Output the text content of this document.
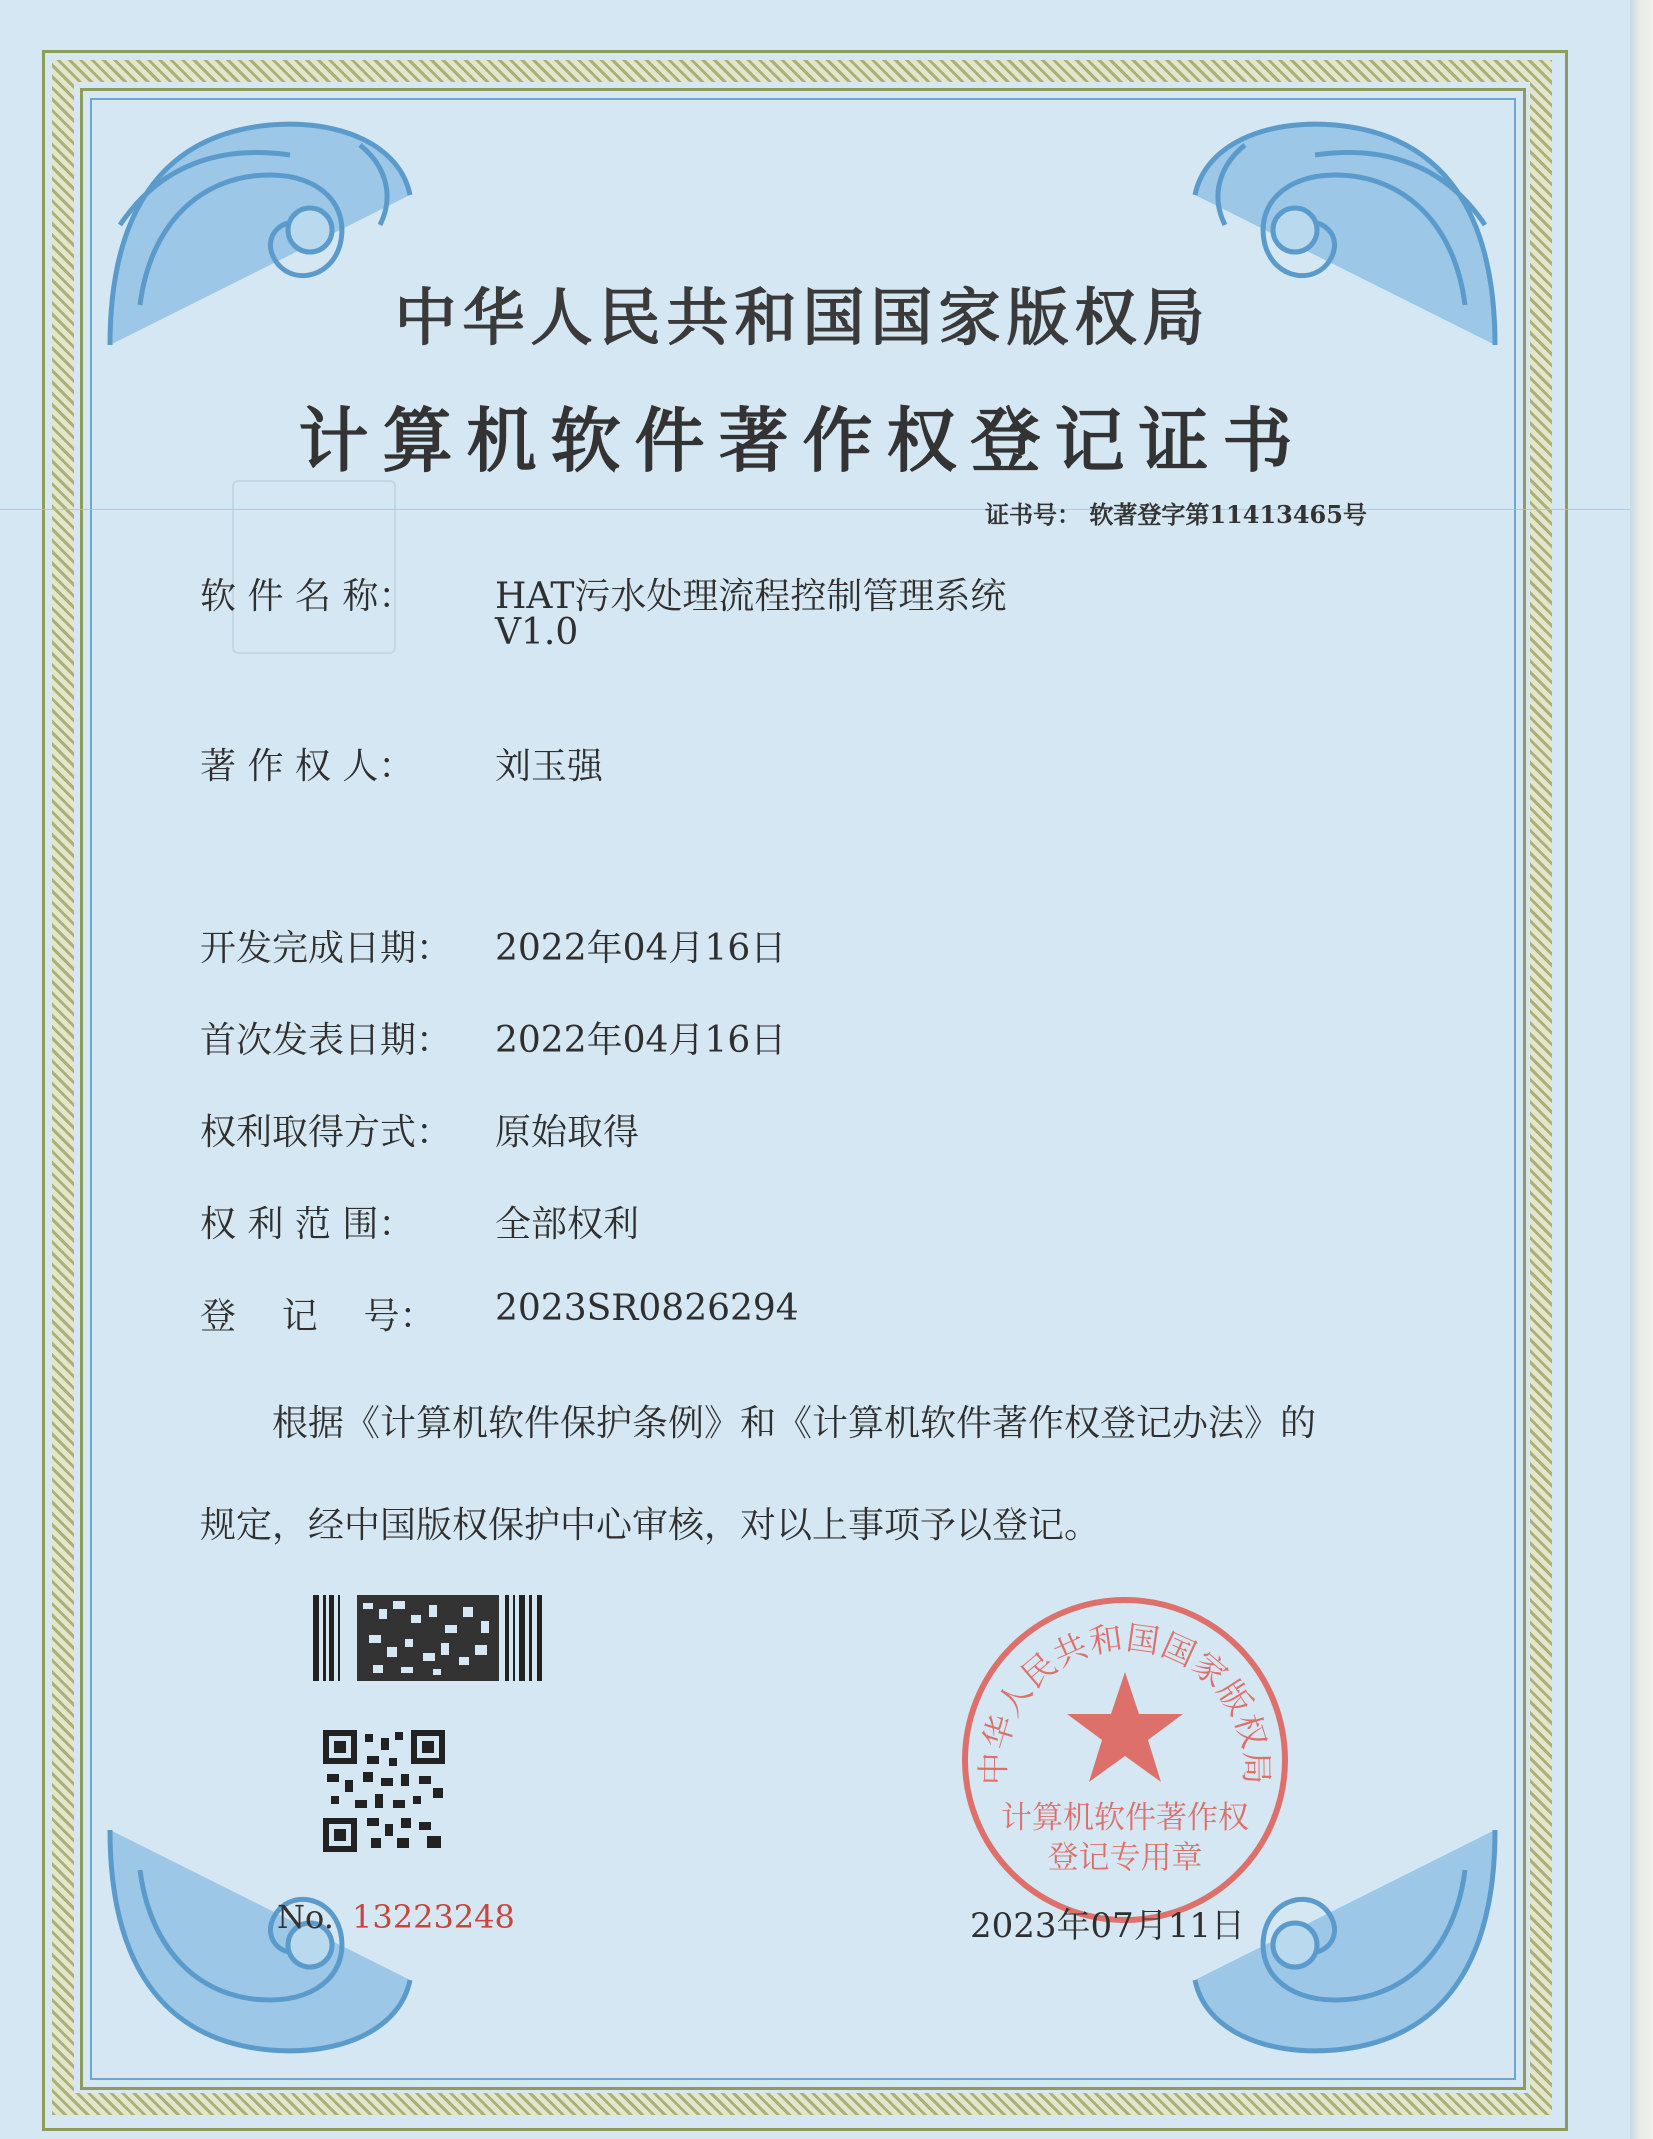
中华人民共和国国家版权局
计算机软件著作权登记证书
证书号： 软著登字第11413465号
软 件 名 称： HAT污水处理流程控制管理系统
V1.0
著 作 权 人： 刘玉强
开发完成日期： 2022年04月16日
首次发表日期： 2022年04月16日
权利取得方式： 原始取得
权 利 范 围： 全部权利
登    记    号： 2023SR0826294
根据《计算机软件保护条例》和《计算机软件著作权登记办法》的
规定，经中国版权保护中心审核，对以上事项予以登记。
中华人民共和国国家版权局
计算机软件著作权
登记专用章
No. 13223248	2023年07月11日
